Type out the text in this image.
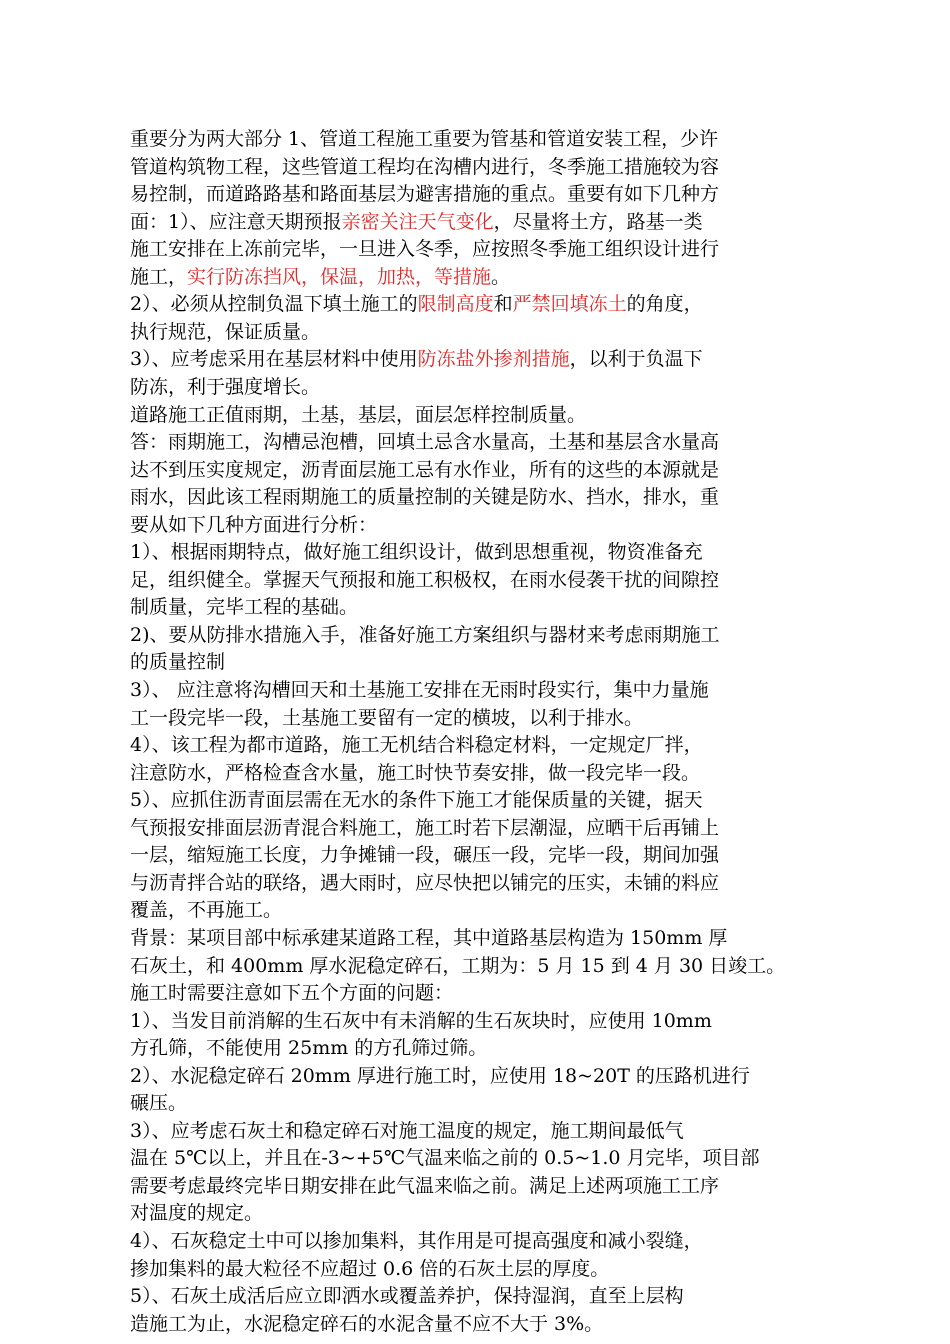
重要分为两大部分 1、管道工程施工重要为管基和管道安装工程，少许
管道构筑物工程，这些管道工程均在沟槽内进行，冬季施工措施较为容
易控制，而道路路基和路面基层为避害措施的重点。重要有如下几种方
面：1）、应注意天期预报亲密关注天气变化，尽量将土方，路基一类
施工安排在上冻前完毕，一旦进入冬季，应按照冬季施工组织设计进行
施工，实行防冻挡风，保温，加热，等措施。
2）、必须从控制负温下填土施工的限制高度和严禁回填冻土的角度，
执行规范，保证质量。
3）、应考虑采用在基层材料中使用防冻盐外掺剂措施，以利于负温下
防冻，利于强度增长。
道路施工正值雨期，土基，基层，面层怎样控制质量。
答：雨期施工，沟槽忌泡槽，回填土忌含水量高，土基和基层含水量高
达不到压实度规定，沥青面层施工忌有水作业，所有的这些的本源就是
雨水，因此该工程雨期施工的质量控制的关键是防水、挡水，排水，重
要从如下几种方面进行分析：
1）、根据雨期特点，做好施工组织设计，做到思想重视，物资准备充
足，组织健全。掌握天气预报和施工积极权，在雨水侵袭干扰的间隙控
制质量，完毕工程的基础。
2)、要从防排水措施入手，准备好施工方案组织与器材来考虑雨期施工
的质量控制
3）、 应注意将沟槽回天和土基施工安排在无雨时段实行，集中力量施
工一段完毕一段，土基施工要留有一定的横坡，以利于排水。
4）、该工程为都市道路，施工无机结合料稳定材料，一定规定厂拌，
注意防水，严格检查含水量，施工时快节奏安排，做一段完毕一段。
5）、应抓住沥青面层需在无水的条件下施工才能保质量的关键，据天
气预报安排面层沥青混合料施工，施工时若下层潮湿，应晒干后再铺上
一层，缩短施工长度，力争摊铺一段，碾压一段，完毕一段，期间加强
与沥青拌合站的联络，遇大雨时，应尽快把以铺完的压实，未铺的料应
覆盖，不再施工。
背景：某项目部中标承建某道路工程，其中道路基层构造为 150mm 厚
石灰土，和 400mm 厚水泥稳定碎石，工期为：5 月 15 到 4 月 30 日竣工。
施工时需要注意如下五个方面的问题：
1）、当发目前消解的生石灰中有未消解的生石灰块时，应使用 10mm
方孔筛，不能使用 25mm 的方孔筛过筛。
2）、水泥稳定碎石 20mm 厚进行施工时，应使用 18~20T 的压路机进行
碾压。
3）、应考虑石灰土和稳定碎石对施工温度的规定，施工期间最低气
温在 5℃以上，并且在-3~+5℃气温来临之前的 0.5~1.0 月完毕，项目部
需要考虑最终完毕日期安排在此气温来临之前。满足上述两项施工工序
对温度的规定。
4）、石灰稳定土中可以掺加集料，其作用是可提高强度和减小裂缝，
掺加集料的最大粒径不应超过 0.6 倍的石灰土层的厚度。
5）、石灰土成活后应立即洒水或覆盖养护，保持湿润，直至上层构
造施工为止，水泥稳定碎石的水泥含量不应不大于 3%。
